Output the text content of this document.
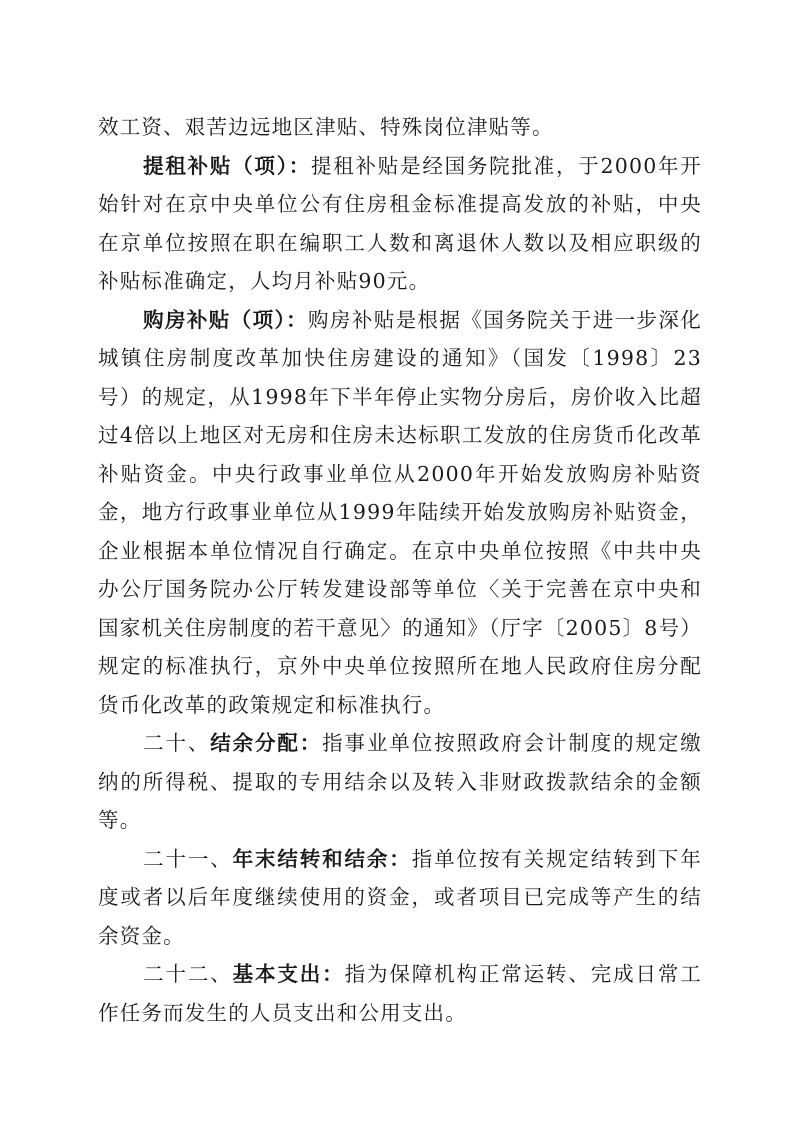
效工资、艰苦边远地区津贴、特殊岗位津贴等。

提租补贴（项）：提租补贴是经国务院批准，于2000年开始针对在京中央单位公有住房租金标准提高发放的补贴，中央在京单位按照在职在编职工人数和离退休人数以及相应职级的补贴标准确定，人均月补贴90元。

购房补贴（项）：购房补贴是根据《国务院关于进一步深化城镇住房制度改革加快住房建设的通知》（国发〔1998〕23号）的规定，从1998年下半年停止实物分房后，房价收入比超过4倍以上地区对无房和住房未达标职工发放的住房货币化改革补贴资金。中央行政事业单位从2000年开始发放购房补贴资金，地方行政事业单位从1999年陆续开始发放购房补贴资金，企业根据本单位情况自行确定。在京中央单位按照《中共中央办公厅国务院办公厅转发建设部等单位〈关于完善在京中央和国家机关住房制度的若干意见〉的通知》（厅字〔2005〕8号）规定的标准执行，京外中央单位按照所在地人民政府住房分配货币化改革的政策规定和标准执行。

二十、结余分配：指事业单位按照政府会计制度的规定缴纳的所得税、提取的专用结余以及转入非财政拨款结余的金额等。

二十一、年末结转和结余：指单位按有关规定结转到下年度或者以后年度继续使用的资金，或者项目已完成等产生的结余资金。

二十二、基本支出：指为保障机构正常运转、完成日常工作任务而发生的人员支出和公用支出。
